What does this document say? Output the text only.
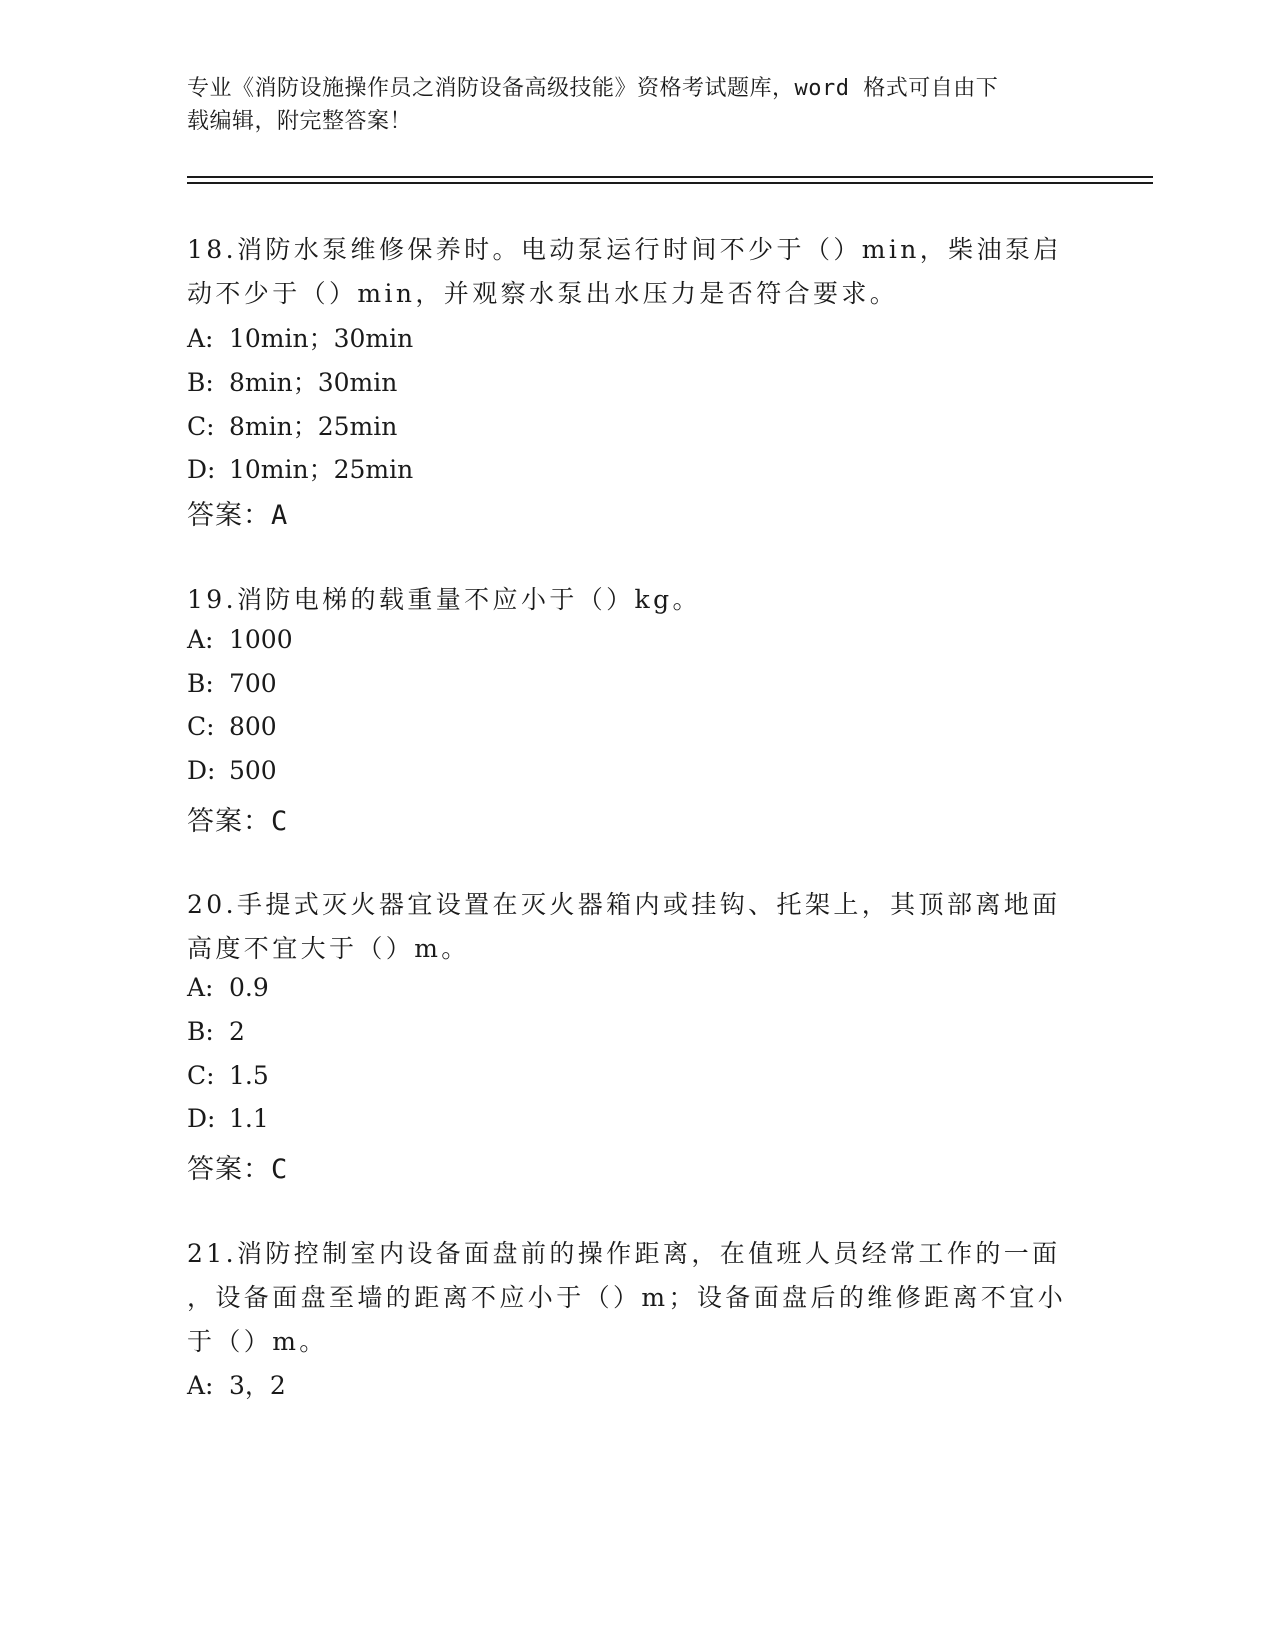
专业《消防设施操作员之消防设备高级技能》资格考试题库，word 格式可自由下
载编辑，附完整答案！
18.消防水泵维修保养时。电动泵运行时间不少于（）min，柴油泵启
动不少于（）min，并观察水泵出水压力是否符合要求。
A: 10min；30min
B: 8min；30min
C: 8min；25min
D: 10min；25min
答案：A
19.消防电梯的载重量不应小于（）kg。
A: 1000
B: 700
C: 800
D: 500
答案：C
20.手提式灭火器宜设置在灭火器箱内或挂钩、托架上，其顶部离地面
高度不宜大于（）m。
A: 0.9
B: 2
C: 1.5
D: 1.1
答案：C
21.消防控制室内设备面盘前的操作距离，在值班人员经常工作的一面
，设备面盘至墙的距离不应小于（）m；设备面盘后的维修距离不宜小
于（）m。
A: 3，2
